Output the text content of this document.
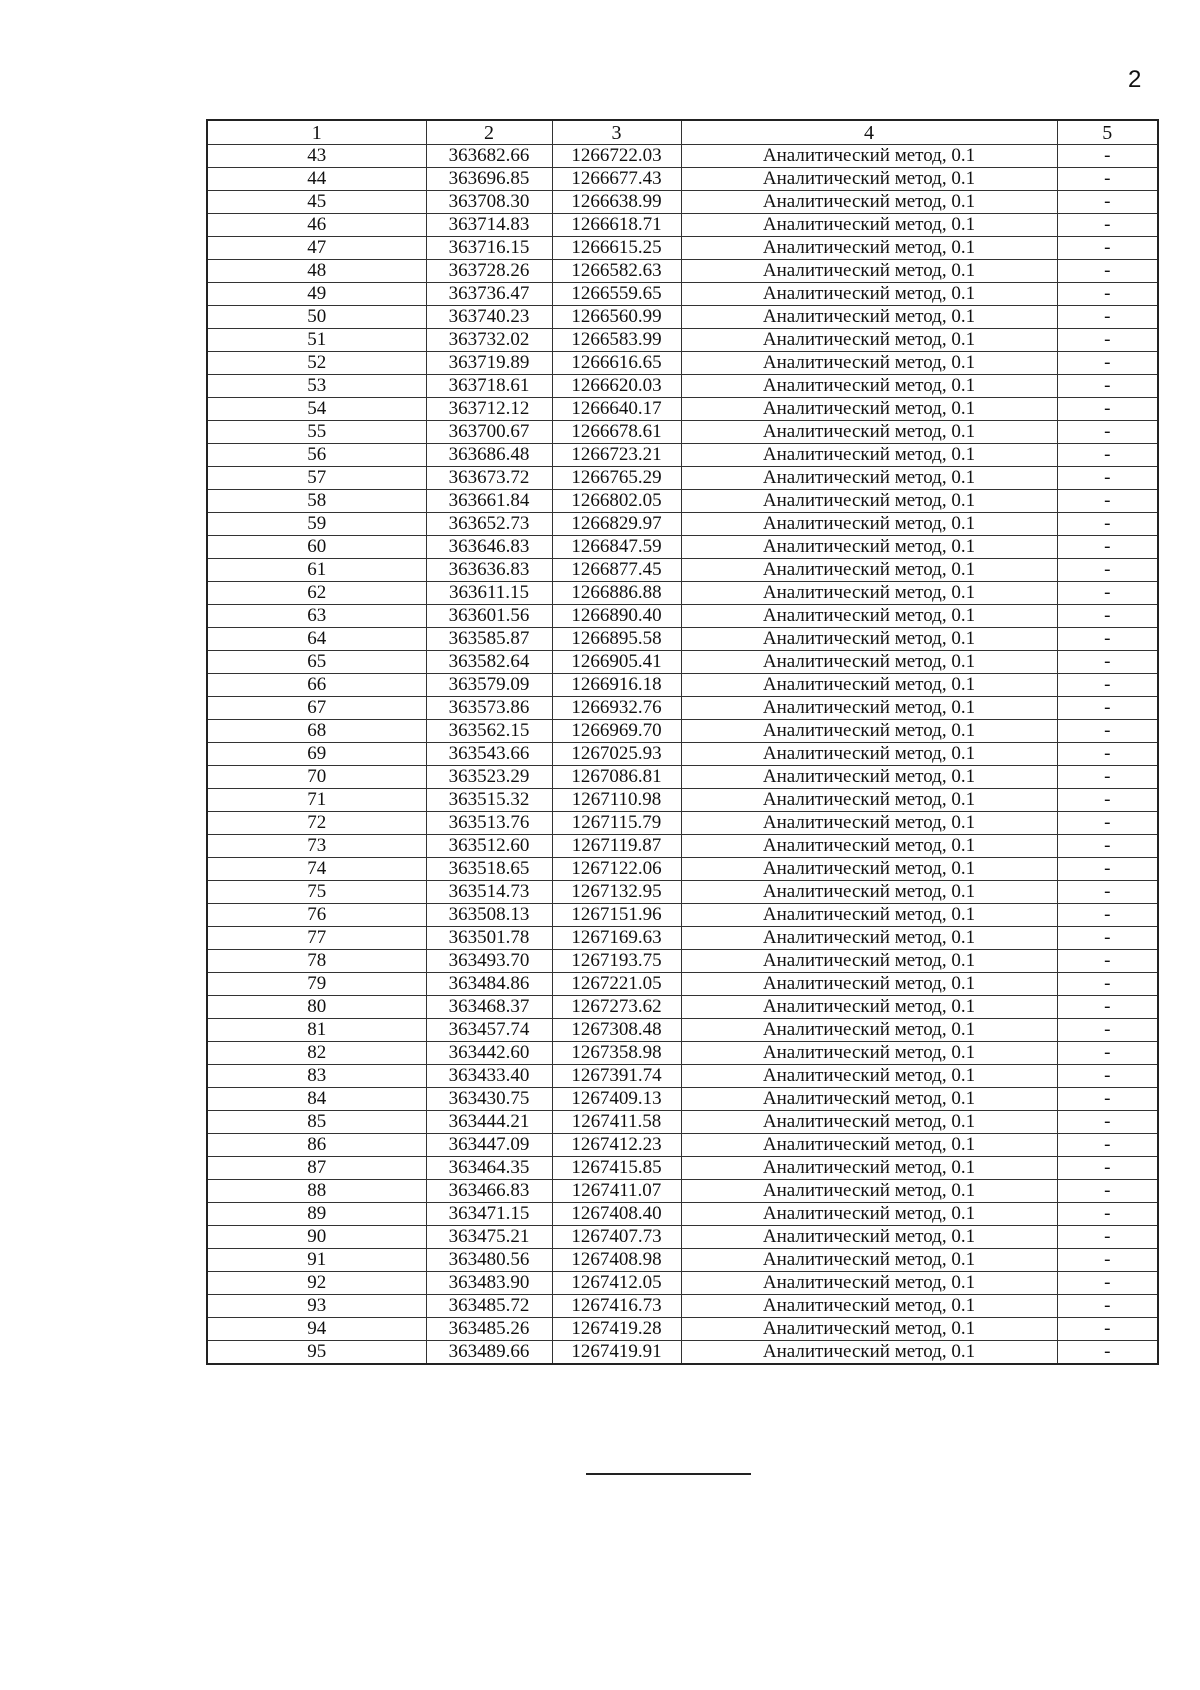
2
1	2	3	4	5
43	363682.66	1266722.03	Аналитический метод, 0.1	-
44	363696.85	1266677.43	Аналитический метод, 0.1	-
45	363708.30	1266638.99	Аналитический метод, 0.1	-
46	363714.83	1266618.71	Аналитический метод, 0.1	-
47	363716.15	1266615.25	Аналитический метод, 0.1	-
48	363728.26	1266582.63	Аналитический метод, 0.1	-
49	363736.47	1266559.65	Аналитический метод, 0.1	-
50	363740.23	1266560.99	Аналитический метод, 0.1	-
51	363732.02	1266583.99	Аналитический метод, 0.1	-
52	363719.89	1266616.65	Аналитический метод, 0.1	-
53	363718.61	1266620.03	Аналитический метод, 0.1	-
54	363712.12	1266640.17	Аналитический метод, 0.1	-
55	363700.67	1266678.61	Аналитический метод, 0.1	-
56	363686.48	1266723.21	Аналитический метод, 0.1	-
57	363673.72	1266765.29	Аналитический метод, 0.1	-
58	363661.84	1266802.05	Аналитический метод, 0.1	-
59	363652.73	1266829.97	Аналитический метод, 0.1	-
60	363646.83	1266847.59	Аналитический метод, 0.1	-
61	363636.83	1266877.45	Аналитический метод, 0.1	-
62	363611.15	1266886.88	Аналитический метод, 0.1	-
63	363601.56	1266890.40	Аналитический метод, 0.1	-
64	363585.87	1266895.58	Аналитический метод, 0.1	-
65	363582.64	1266905.41	Аналитический метод, 0.1	-
66	363579.09	1266916.18	Аналитический метод, 0.1	-
67	363573.86	1266932.76	Аналитический метод, 0.1	-
68	363562.15	1266969.70	Аналитический метод, 0.1	-
69	363543.66	1267025.93	Аналитический метод, 0.1	-
70	363523.29	1267086.81	Аналитический метод, 0.1	-
71	363515.32	1267110.98	Аналитический метод, 0.1	-
72	363513.76	1267115.79	Аналитический метод, 0.1	-
73	363512.60	1267119.87	Аналитический метод, 0.1	-
74	363518.65	1267122.06	Аналитический метод, 0.1	-
75	363514.73	1267132.95	Аналитический метод, 0.1	-
76	363508.13	1267151.96	Аналитический метод, 0.1	-
77	363501.78	1267169.63	Аналитический метод, 0.1	-
78	363493.70	1267193.75	Аналитический метод, 0.1	-
79	363484.86	1267221.05	Аналитический метод, 0.1	-
80	363468.37	1267273.62	Аналитический метод, 0.1	-
81	363457.74	1267308.48	Аналитический метод, 0.1	-
82	363442.60	1267358.98	Аналитический метод, 0.1	-
83	363433.40	1267391.74	Аналитический метод, 0.1	-
84	363430.75	1267409.13	Аналитический метод, 0.1	-
85	363444.21	1267411.58	Аналитический метод, 0.1	-
86	363447.09	1267412.23	Аналитический метод, 0.1	-
87	363464.35	1267415.85	Аналитический метод, 0.1	-
88	363466.83	1267411.07	Аналитический метод, 0.1	-
89	363471.15	1267408.40	Аналитический метод, 0.1	-
90	363475.21	1267407.73	Аналитический метод, 0.1	-
91	363480.56	1267408.98	Аналитический метод, 0.1	-
92	363483.90	1267412.05	Аналитический метод, 0.1	-
93	363485.72	1267416.73	Аналитический метод, 0.1	-
94	363485.26	1267419.28	Аналитический метод, 0.1	-
95	363489.66	1267419.91	Аналитический метод, 0.1	-
